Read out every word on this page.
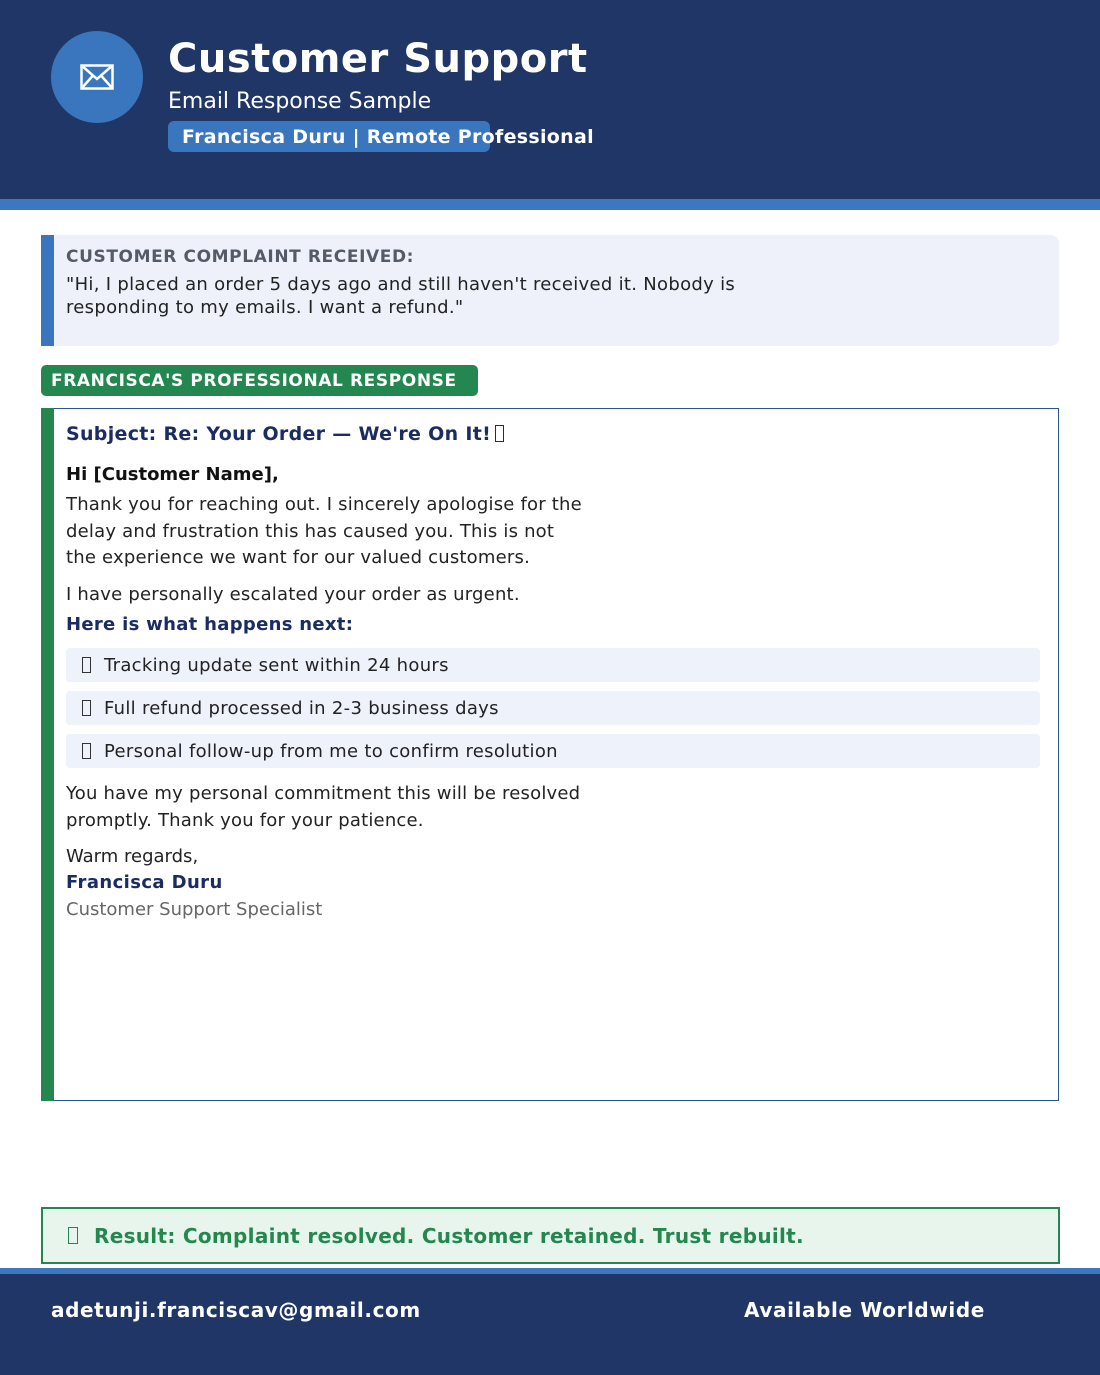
Customer Support
Email Response Sample
Francisca Duru | Remote Professional
CUSTOMER COMPLAINT RECEIVED:
"Hi, I placed an order 5 days ago and still haven't received it. Nobody is responding to my emails. I want a refund."
FRANCISCA'S PROFESSIONAL RESPONSE
Subject: Re: Your Order — We're On It!
Hi [Customer Name],
Thank you for reaching out. I sincerely apologise for the delay and frustration this has caused you. This is not the experience we want for our valued customers.
I have personally escalated your order as urgent.
Here is what happens next:
Tracking update sent within 24 hours
Full refund processed in 2-3 business days
Personal follow-up from me to confirm resolution
You have my personal commitment this will be resolved promptly. Thank you for your patience.
Warm regards,
Francisca Duru
Customer Support Specialist
Result: Complaint resolved. Customer retained. Trust rebuilt.
adetunji.franciscav@gmail.com	Available Worldwide
